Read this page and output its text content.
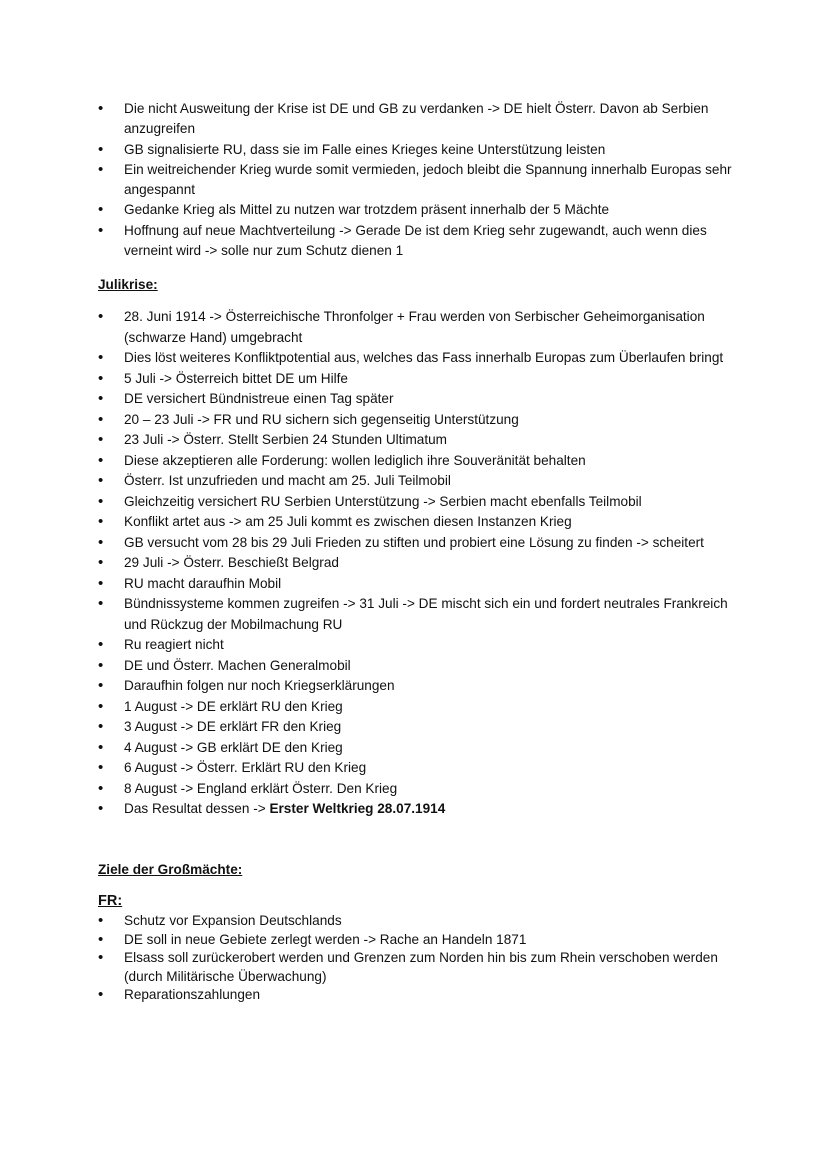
• Die nicht Ausweitung der Krise ist DE und GB zu verdanken -> DE hielt Österr. Davon ab Serbien anzugreifen
• GB signalisierte RU, dass sie im Falle eines Krieges keine Unterstützung leisten
• Ein weitreichender Krieg wurde somit vermieden, jedoch bleibt die Spannung innerhalb Europas sehr angespannt
• Gedanke Krieg als Mittel zu nutzen war trotzdem präsent innerhalb der 5 Mächte
• Hoffnung auf neue Machtverteilung -> Gerade De ist dem Krieg sehr zugewandt, auch wenn dies verneint wird -> solle nur zum Schutz dienen 1
Julikrise:
• 28. Juni 1914 -> Österreichische Thronfolger + Frau werden von Serbischer Geheimorganisation (schwarze Hand) umgebracht
• Dies löst weiteres Konfliktpotential aus, welches das Fass innerhalb Europas zum Überlaufen bringt
• 5 Juli -> Österreich bittet DE um Hilfe
• DE versichert Bündnistreue einen Tag später
• 20 – 23 Juli -> FR und RU sichern sich gegenseitig Unterstützung
• 23 Juli -> Österr. Stellt Serbien 24 Stunden Ultimatum
• Diese akzeptieren alle Forderung: wollen lediglich ihre Souveränität behalten
• Österr. Ist unzufrieden und macht am 25. Juli Teilmobil
• Gleichzeitig versichert RU Serbien Unterstützung -> Serbien macht ebenfalls Teilmobil
• Konflikt artet aus -> am 25 Juli kommt es zwischen diesen Instanzen Krieg
• GB versucht vom 28 bis 29 Juli Frieden zu stiften und probiert eine Lösung zu finden -> scheitert
• 29 Juli -> Österr. Beschießt Belgrad
• RU macht daraufhin Mobil
• Bündnissysteme kommen zugreifen -> 31 Juli -> DE mischt sich ein und fordert neutrales Frankreich und Rückzug der Mobilmachung RU
• Ru reagiert nicht
• DE und Österr. Machen Generalmobil
• Daraufhin folgen nur noch Kriegserklärungen
• 1 August -> DE erklärt RU den Krieg
• 3 August -> DE erklärt FR den Krieg
• 4 August -> GB erklärt DE den Krieg
• 6 August -> Österr. Erklärt RU den Krieg
• 8 August -> England erklärt Österr. Den Krieg
• Das Resultat dessen -> Erster Weltkrieg 28.07.1914
Ziele der Großmächte:
FR:
• Schutz vor Expansion Deutschlands
• DE soll in neue Gebiete zerlegt werden -> Rache an Handeln 1871
• Elsass soll zurückerobert werden und Grenzen zum Norden hin bis zum Rhein verschoben werden (durch Militärische Überwachung)
• Reparationszahlungen
